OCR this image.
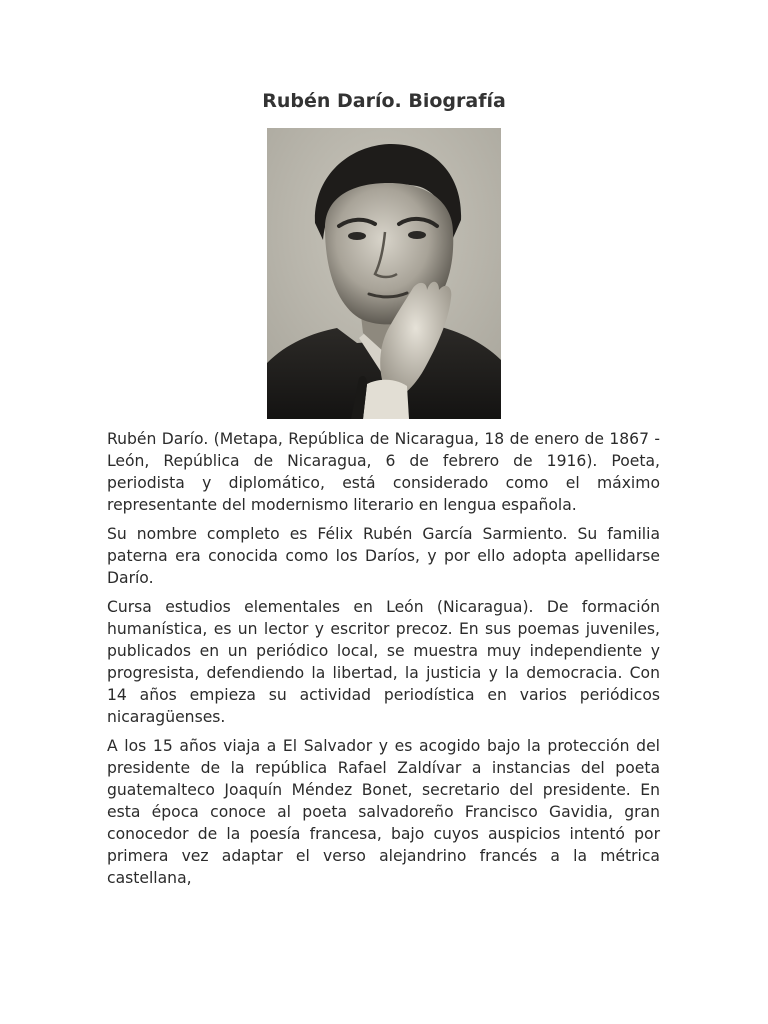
Rubén Darío. Biografía

Rubén Darío. (Metapa, República de Nicaragua, 18 de enero de 1867 - León, República de Nicaragua, 6 de febrero de 1916). Poeta, periodista y diplomático, está considerado como el máximo representante del modernismo literario en lengua española.

Su nombre completo es Félix Rubén García Sarmiento. Su familia paterna era conocida como los Daríos, y por ello adopta apellidarse Darío.

Cursa estudios elementales en León (Nicaragua). De formación humanística, es un lector y escritor precoz. En sus poemas juveniles, publicados en un periódico local, se muestra muy independiente y progresista, defendiendo la libertad, la justicia y la democracia. Con 14 años empieza su actividad periodística en varios periódicos nicaragüenses.

A los 15 años viaja a El Salvador y es acogido bajo la protección del presidente de la república Rafael Zaldívar a instancias del poeta guatemalteco Joaquín Méndez Bonet, secretario del presidente. En esta época conoce al poeta salvadoreño Francisco Gavidia, gran conocedor de la poesía francesa, bajo cuyos auspicios intentó por primera vez adaptar el verso alejandrino francés a la métrica castellana,
